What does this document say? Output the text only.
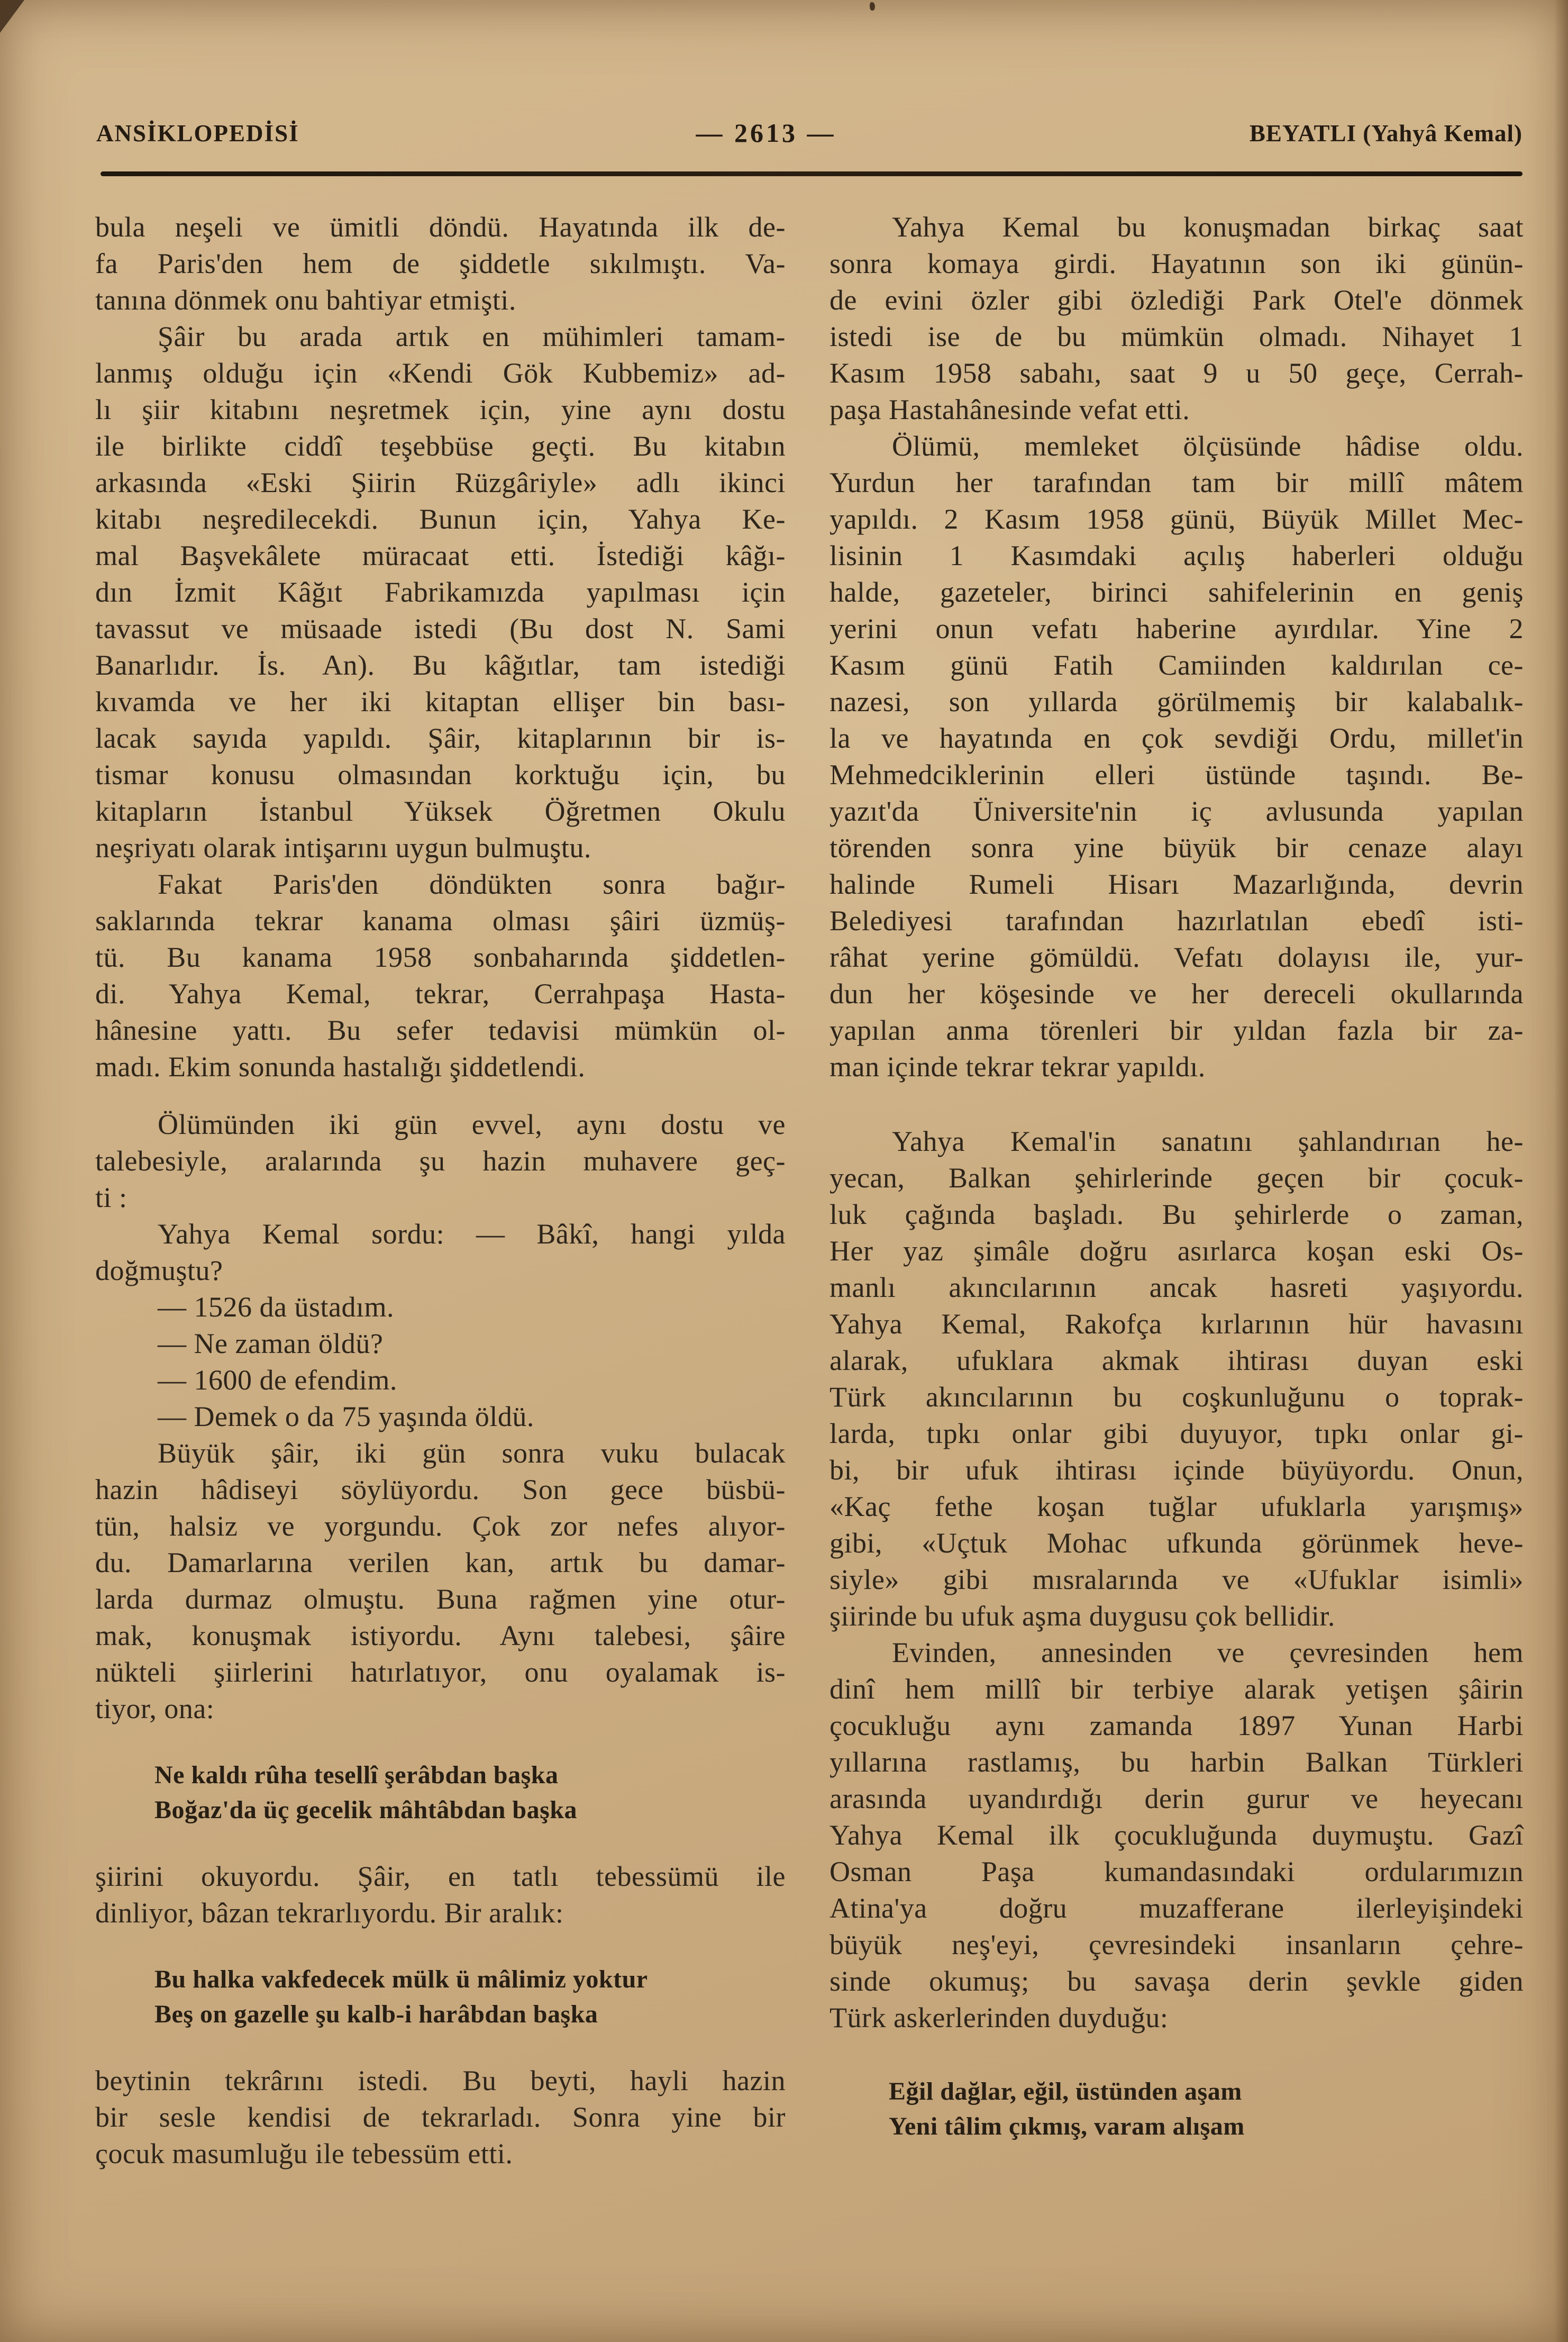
ANSİKLOPEDİSİ	— 2613 —	BEYATLI (Yahyâ Kemal)
bula neşeli ve ümitli döndü. Hayatında ilk de-
fa Paris'den hem de şiddetle sıkılmıştı. Va-
tanına dönmek onu bahtiyar etmişti.
Şâir bu arada artık en mühimleri tamam-
lanmış olduğu için «Kendi Gök Kubbemiz» ad-
lı şiir kitabını neşretmek için, yine aynı dostu
ile birlikte ciddî teşebbüse geçti. Bu kitabın
arkasında «Eski Şiirin Rüzgâriyle» adlı ikinci
kitabı neşredilecekdi. Bunun için, Yahya Ke-
mal Başvekâlete müracaat etti. İstediği kâğı-
dın İzmit Kâğıt Fabrikamızda yapılması için
tavassut ve müsaade istedi (Bu dost N. Sami
Banarlıdır. İs. An). Bu kâğıtlar, tam istediği
kıvamda ve her iki kitaptan ellişer bin bası-
lacak sayıda yapıldı. Şâir, kitaplarının bir is-
tismar konusu olmasından korktuğu için, bu
kitapların İstanbul Yüksek Öğretmen Okulu
neşriyatı olarak intişarını uygun bulmuştu.
Fakat Paris'den döndükten sonra bağır-
saklarında tekrar kanama olması şâiri üzmüş-
tü. Bu kanama 1958 sonbaharında şiddetlen-
di. Yahya Kemal, tekrar, Cerrahpaşa Hasta-
hânesine yattı. Bu sefer tedavisi mümkün ol-
madı. Ekim sonunda hastalığı şiddetlendi.
Ölümünden iki gün evvel, aynı dostu ve
talebesiyle, aralarında şu hazin muhavere geç-
ti :
Yahya Kemal sordu: — Bâkî, hangi yılda
doğmuştu?
— 1526 da üstadım.
— Ne zaman öldü?
— 1600 de efendim.
— Demek o da 75 yaşında öldü.
Büyük şâir, iki gün sonra vuku bulacak
hazin hâdiseyi söylüyordu. Son gece büsbü-
tün, halsiz ve yorgundu. Çok zor nefes alıyor-
du. Damarlarına verilen kan, artık bu damar-
larda durmaz olmuştu. Buna rağmen yine otur-
mak, konuşmak istiyordu. Aynı talebesi, şâire
nükteli şiirlerini hatırlatıyor, onu oyalamak is-
tiyor, ona:
Ne kaldı rûha tesellî şerâbdan başka
Boğaz'da üç gecelik mâhtâbdan başka
şiirini okuyordu. Şâir, en tatlı tebessümü ile
dinliyor, bâzan tekrarlıyordu. Bir aralık:
Bu halka vakfedecek mülk ü mâlimiz yoktur
Beş on gazelle şu kalb-i harâbdan başka
beytinin tekrârını istedi. Bu beyti, hayli hazin
bir sesle kendisi de tekrarladı. Sonra yine bir
çocuk masumluğu ile tebessüm etti.
Yahya Kemal bu konuşmadan birkaç saat
sonra komaya girdi. Hayatının son iki günün-
de evini özler gibi özlediği Park Otel'e dönmek
istedi ise de bu mümkün olmadı. Nihayet 1
Kasım 1958 sabahı, saat 9 u 50 geçe, Cerrah-
paşa Hastahânesinde vefat etti.
Ölümü, memleket ölçüsünde hâdise oldu.
Yurdun her tarafından tam bir millî mâtem
yapıldı. 2 Kasım 1958 günü, Büyük Millet Mec-
lisinin 1 Kasımdaki açılış haberleri olduğu
halde, gazeteler, birinci sahifelerinin en geniş
yerini onun vefatı haberine ayırdılar. Yine 2
Kasım günü Fatih Camiinden kaldırılan ce-
nazesi, son yıllarda görülmemiş bir kalabalık-
la ve hayatında en çok sevdiği Ordu, millet'in
Mehmedciklerinin elleri üstünde taşındı. Be-
yazıt'da Üniversite'nin iç avlusunda yapılan
törenden sonra yine büyük bir cenaze alayı
halinde Rumeli Hisarı Mazarlığında, devrin
Belediyesi tarafından hazırlatılan ebedî isti-
râhat yerine gömüldü. Vefatı dolayısı ile, yur-
dun her köşesinde ve her dereceli okullarında
yapılan anma törenleri bir yıldan fazla bir za-
man içinde tekrar tekrar yapıldı.
Yahya Kemal'in sanatını şahlandırıan he-
yecan, Balkan şehirlerinde geçen bir çocuk-
luk çağında başladı. Bu şehirlerde o zaman,
Her yaz şimâle doğru asırlarca koşan eski Os-
manlı akıncılarının ancak hasreti yaşıyordu.
Yahya Kemal, Rakofça kırlarının hür havasını
alarak, ufuklara akmak ihtirası duyan eski
Türk akıncılarının bu coşkunluğunu o toprak-
larda, tıpkı onlar gibi duyuyor, tıpkı onlar gi-
bi, bir ufuk ihtirası içinde büyüyordu. Onun,
«Kaç fethe koşan tuğlar ufuklarla yarışmış»
gibi, «Uçtuk Mohac ufkunda görünmek heve-
siyle» gibi mısralarında ve «Ufuklar isimli»
şiirinde bu ufuk aşma duygusu çok bellidir.
Evinden, annesinden ve çevresinden hem
dinî hem millî bir terbiye alarak yetişen şâirin
çocukluğu aynı zamanda 1897 Yunan Harbi
yıllarına rastlamış, bu harbin Balkan Türkleri
arasında uyandırdığı derin gurur ve heyecanı
Yahya Kemal ilk çocukluğunda duymuştu. Gazî
Osman Paşa kumandasındaki ordularımızın
Atina'ya doğru muzafferane ilerleyişindeki
büyük neş'eyi, çevresindeki insanların çehre-
sinde okumuş; bu savaşa derin şevkle giden
Türk askerlerinden duyduğu:
Eğil dağlar, eğil, üstünden aşam
Yeni tâlim çıkmış, varam alışam
